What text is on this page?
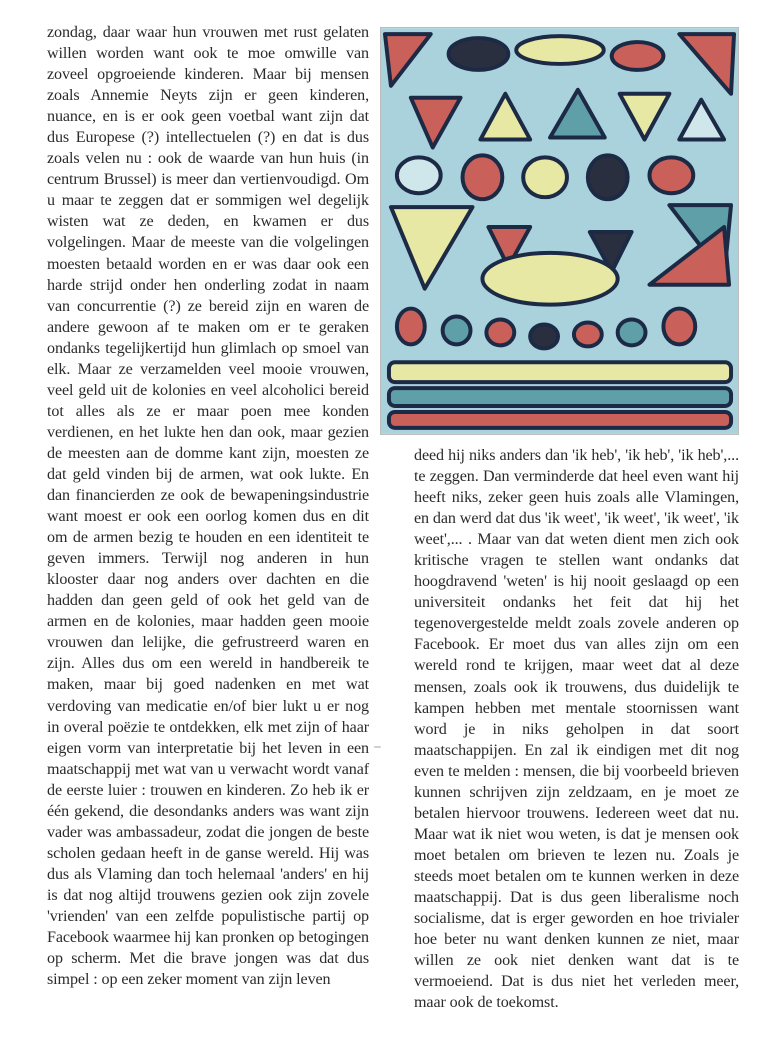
zondag, daar waar hun vrouwen met rust gelaten willen worden want ook te moe omwille van zoveel opgroeiende kinderen. Maar bij mensen zoals Annemie Neyts zijn er geen kinderen, nuance, en is er ook geen voetbal want zijn dat dus Europese (?) intellectuelen (?) en dat is dus zoals velen nu : ook de waarde van hun huis (in centrum Brussel) is meer dan vertienvoudigd. Om u maar te zeggen dat er sommigen wel degelijk wisten wat ze deden, en kwamen er dus volgelingen. Maar de meeste van die volgelingen moesten betaald worden en er was daar ook een harde strijd onder hen onderling zodat in naam van concurrentie (?) ze bereid zijn en waren de andere gewoon af te maken om er te geraken ondanks tegelijkertijd hun glimlach op smoel van elk. Maar ze verzamelden veel mooie vrouwen, veel geld uit de kolonies en veel alcoholici bereid tot alles als ze er maar poen mee konden verdienen, en het lukte hen dan ook, maar gezien de meesten aan de domme kant zijn, moesten ze dat geld vinden bij de armen, wat ook lukte. En dan financierden ze ook de bewapeningsindustrie want moest er ook een oorlog komen dus en dit om de armen bezig te houden en een identiteit te geven immers. Terwijl nog anderen in hun klooster daar nog anders over dachten en die hadden dan geen geld of ook het geld van de armen en de kolonies, maar hadden geen mooie vrouwen dan lelijke, die gefrustreerd waren en zijn. Alles dus om een wereld in handbereik te maken, maar bij goed nadenken en met wat verdoving van medicatie en/of bier lukt u er nog in overal poëzie te ontdekken, elk met zijn of haar eigen vorm van interpretatie bij het leven in een maatschappij met wat van u verwacht wordt vanaf de eerste luier : trouwen en kinderen. Zo heb ik er één gekend, die desondanks anders was want zijn vader was ambassadeur, zodat die jongen de beste scholen gedaan heeft in de ganse wereld. Hij was dus als Vlaming dan toch helemaal 'anders' en hij is dat nog altijd trouwens gezien ook zijn zovele 'vrienden' van een zelfde populistische partij op Facebook waarmee hij kan pronken op betogingen op scherm. Met die brave jongen was dat dus simpel : op een zeker moment van zijn leven

deed hij niks anders dan 'ik heb', 'ik heb', 'ik heb',... te zeggen. Dan verminderde dat heel even want hij heeft niks, zeker geen huis zoals alle Vlamingen, en dan werd dat dus 'ik weet', 'ik weet', 'ik weet', 'ik weet',... . Maar van dat weten dient men zich ook kritische vragen te stellen want ondanks dat hoogdravend 'weten' is hij nooit geslaagd op een universiteit ondanks het feit dat hij het tegenovergestelde meldt zoals zovele anderen op Facebook. Er moet dus van alles zijn om een wereld rond te krijgen, maar weet dat al deze mensen, zoals ook ik trouwens, dus duidelijk te kampen hebben met mentale stoornissen want word je in niks geholpen in dat soort maatschappijen. En zal ik eindigen met dit nog even te melden : mensen, die bij voorbeeld brieven kunnen schrijven zijn zeldzaam, en je moet ze betalen hiervoor trouwens. Iedereen weet dat nu. Maar wat ik niet wou weten, is dat je mensen ook moet betalen om brieven te lezen nu. Zoals je steeds moet betalen om te kunnen werken in deze maatschappij. Dat is dus geen liberalisme noch socialisme, dat is erger geworden en hoe trivialer hoe beter nu want denken kunnen ze niet, maar willen ze ook niet denken want dat is te vermoeiend. Dat is dus niet het verleden meer, maar ook de toekomst.
